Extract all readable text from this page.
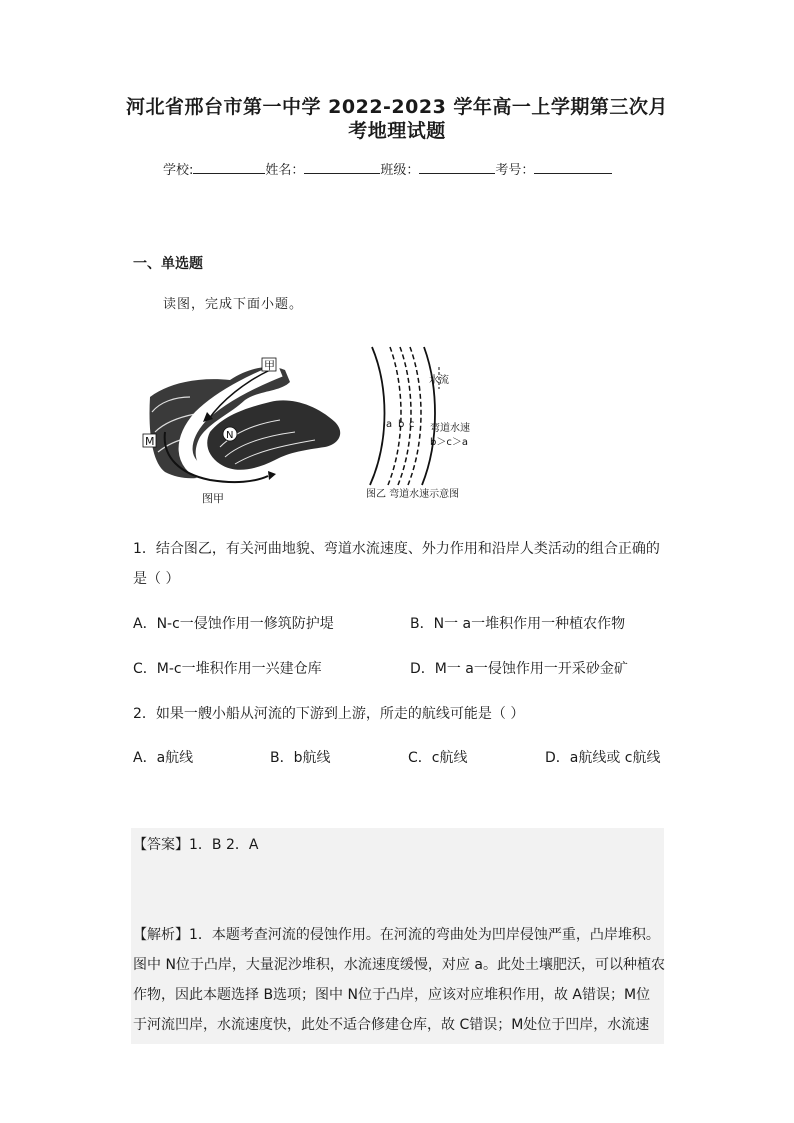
河北省邢台市第一中学 2022-2023 学年高一上学期第三次月
考地理试题
学校:	姓名：	班级：	考号：
一、单选题
读图，完成下面小题。
甲
M	N
图甲
水流
a b c 弯道水速
b＞c＞a
图乙 弯道水速示意图
1．结合图乙，有关河曲地貌、弯道水流速度、外力作用和沿岸人类活动的组合正确的
是（ ）
A．N-c一侵蚀作用一修筑防护堤	B．N一 a一堆积作用一种植农作物
C．M-c一堆积作用一兴建仓库	D．M一 a一侵蚀作用一开采砂金矿
2．如果一艘小船从河流的下游到上游，所走的航线可能是（ ）
A．a航线	B．b航线	C．c航线	D．a航线或 c航线
【答案】1．B 2．A
【解析】1．本题考查河流的侵蚀作用。在河流的弯曲处为凹岸侵蚀严重，凸岸堆积。
图中 N位于凸岸，大量泥沙堆积，水流速度缓慢，对应 a。此处土壤肥沃，可以种植农
作物，因此本题选择 B选项；图中 N位于凸岸，应该对应堆积作用，故 A错误；M位
于河流凹岸，水流速度快，此处不适合修建仓库，故 C错误；M处位于凹岸，水流速
